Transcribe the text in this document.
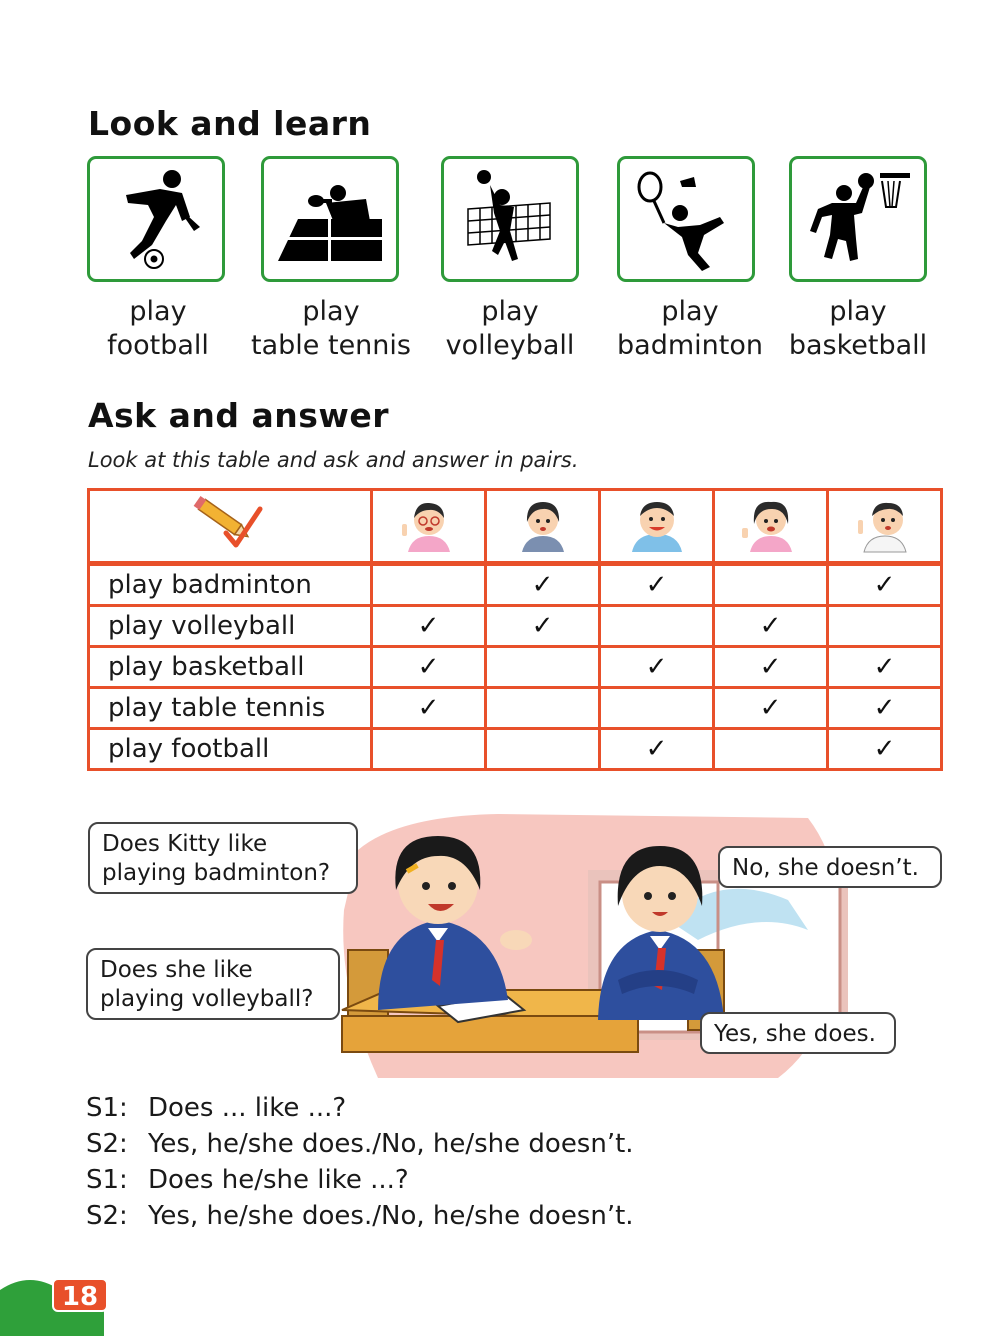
Look and learn
play
football
play
table tennis
play
volleyball
play
badminton
play
basketball
Ask and answer
Look at this table and ask and answer in pairs.

play badminton		✓	✓		✓
play volleyball	✓	✓		✓	
play basketball	✓		✓	✓	✓
play table tennis	✓			✓	✓
play football			✓		✓
Does Kitty like playing badminton?	No, she doesn’t.
Does she like playing volleyball?
Yes, she does.
S1: Does ... like ...?
S2: Yes, he/she does./No, he/she doesn’t.
S1: Does he/she like ...?
S2: Yes, he/she does./No, he/she doesn’t.
18
